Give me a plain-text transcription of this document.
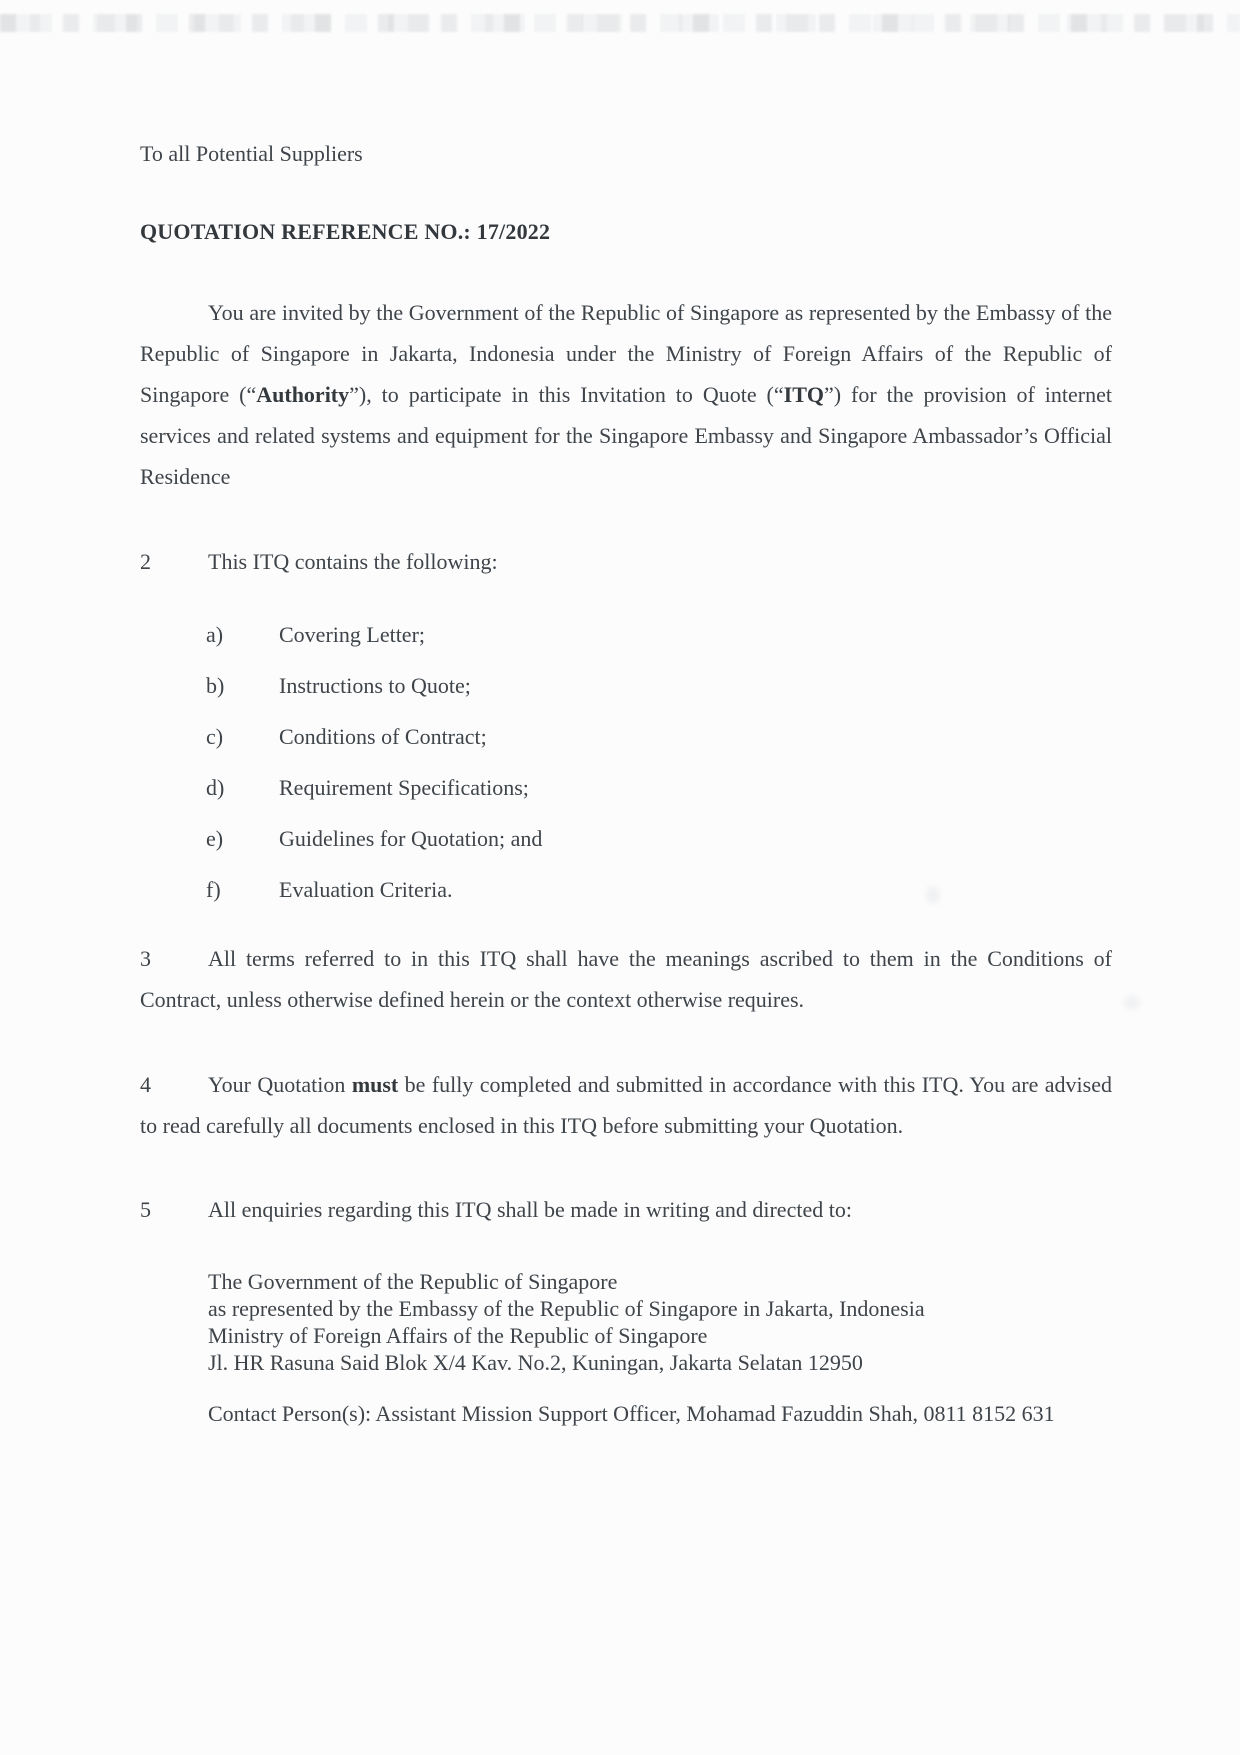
To all Potential Suppliers
QUOTATION REFERENCE NO.: 17/2022
You are invited by the Government of the Republic of Singapore as represented by the Embassy of the Republic of Singapore in Jakarta, Indonesia under the Ministry of Foreign Affairs of the Republic of Singapore (“Authority”), to participate in this Invitation to Quote (“ITQ”) for the provision of internet services and related systems and equipment for the Singapore Embassy and Singapore Ambassador’s Official Residence
2	This ITQ contains the following:
a)	Covering Letter;
b)	Instructions to Quote;
c)	Conditions of Contract;
d)	Requirement Specifications;
e)	Guidelines for Quotation; and
f)	Evaluation Criteria.
3	All terms referred to in this ITQ shall have the meanings ascribed to them in the Conditions of Contract, unless otherwise defined herein or the context otherwise requires.
4	Your Quotation must be fully completed and submitted in accordance with this ITQ. You are advised to read carefully all documents enclosed in this ITQ before submitting your Quotation.
5	All enquiries regarding this ITQ shall be made in writing and directed to:
The Government of the Republic of Singapore
as represented by the Embassy of the Republic of Singapore in Jakarta, Indonesia
Ministry of Foreign Affairs of the Republic of Singapore
Jl. HR Rasuna Said Blok X/4 Kav. No.2, Kuningan, Jakarta Selatan 12950
Contact Person(s): Assistant Mission Support Officer, Mohamad Fazuddin Shah, 0811 8152 631
